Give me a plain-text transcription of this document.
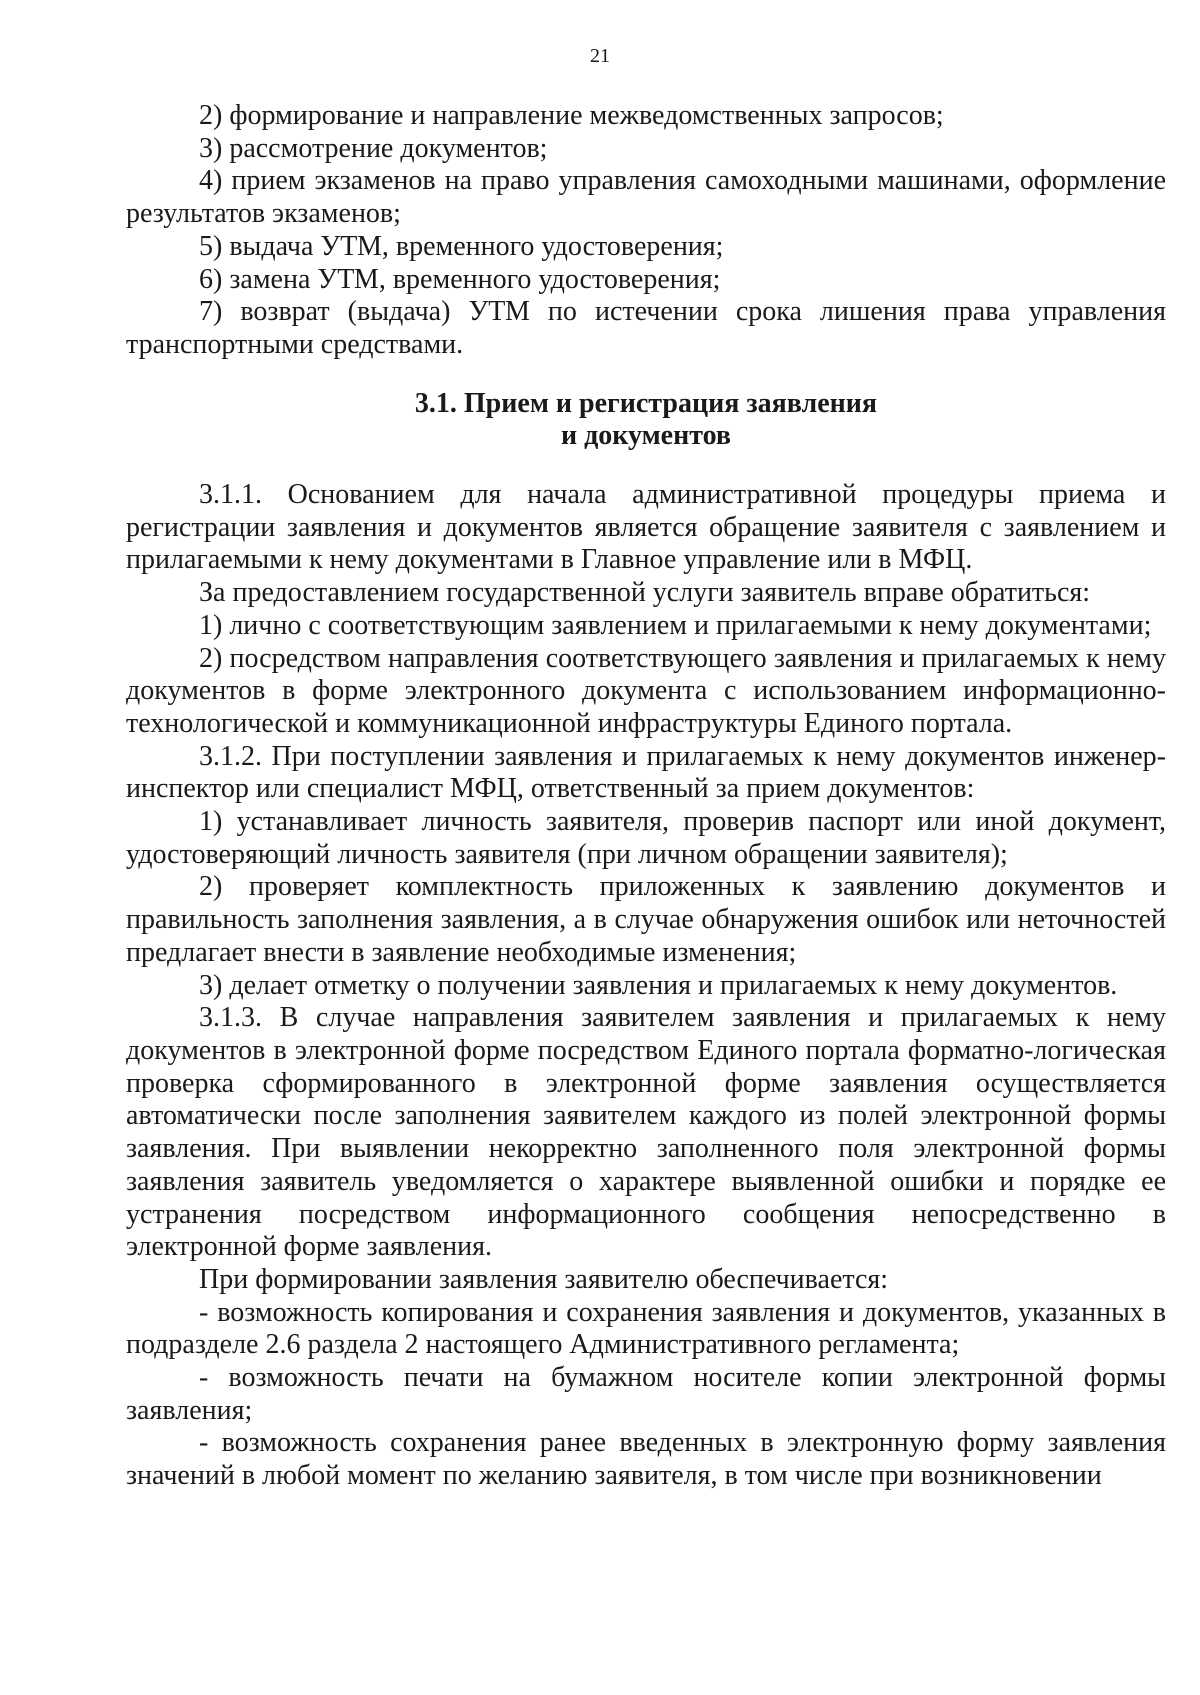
21

2) формирование и направление межведомственных запросов;

3) рассмотрение документов;

4) прием экзаменов на право управления самоходными машинами, оформление результатов экзаменов;

5) выдача УТМ, временного удостоверения;

6) замена УТМ, временного удостоверения;

7) возврат (выдача) УТМ по истечении срока лишения права управления транспортными средствами.

3.1. Прием и регистрация заявления
и документов

3.1.1. Основанием для начала административной процедуры приема и регистрации заявления и документов является обращение заявителя с заявлением и прилагаемыми к нему документами в Главное управление или в МФЦ.

За предоставлением государственной услуги заявитель вправе обратиться:

1) лично с соответствующим заявлением и прилагаемыми к нему документами;

2) посредством направления соответствующего заявления и прилагаемых к нему документов в форме электронного документа с использованием информационно-технологической и коммуникационной инфраструктуры Единого портала.

3.1.2. При поступлении заявления и прилагаемых к нему документов инженер-инспектор или специалист МФЦ, ответственный за прием документов:

1) устанавливает личность заявителя, проверив паспорт или иной документ, удостоверяющий личность заявителя (при личном обращении заявителя);

2) проверяет комплектность приложенных к заявлению документов и правильность заполнения заявления, а в случае обнаружения ошибок или неточностей предлагает внести в заявление необходимые изменения;

3) делает отметку о получении заявления и прилагаемых к нему документов.

3.1.3. В случае направления заявителем заявления и прилагаемых к нему документов в электронной форме посредством Единого портала форматно-логическая проверка сформированного в электронной форме заявления осуществляется автоматически после заполнения заявителем каждого из полей электронной формы заявления. При выявлении некорректно заполненного поля электронной формы заявления заявитель уведомляется о характере выявленной ошибки и порядке ее устранения посредством информационного сообщения непосредственно в электронной форме заявления.

При формировании заявления заявителю обеспечивается:

- возможность копирования и сохранения заявления и документов, указанных в подразделе 2.6 раздела 2 настоящего Административного регламента;

- возможность печати на бумажном носителе копии электронной формы заявления;

- возможность сохранения ранее введенных в электронную форму заявления значений в любой момент по желанию заявителя, в том числе при возникновении
